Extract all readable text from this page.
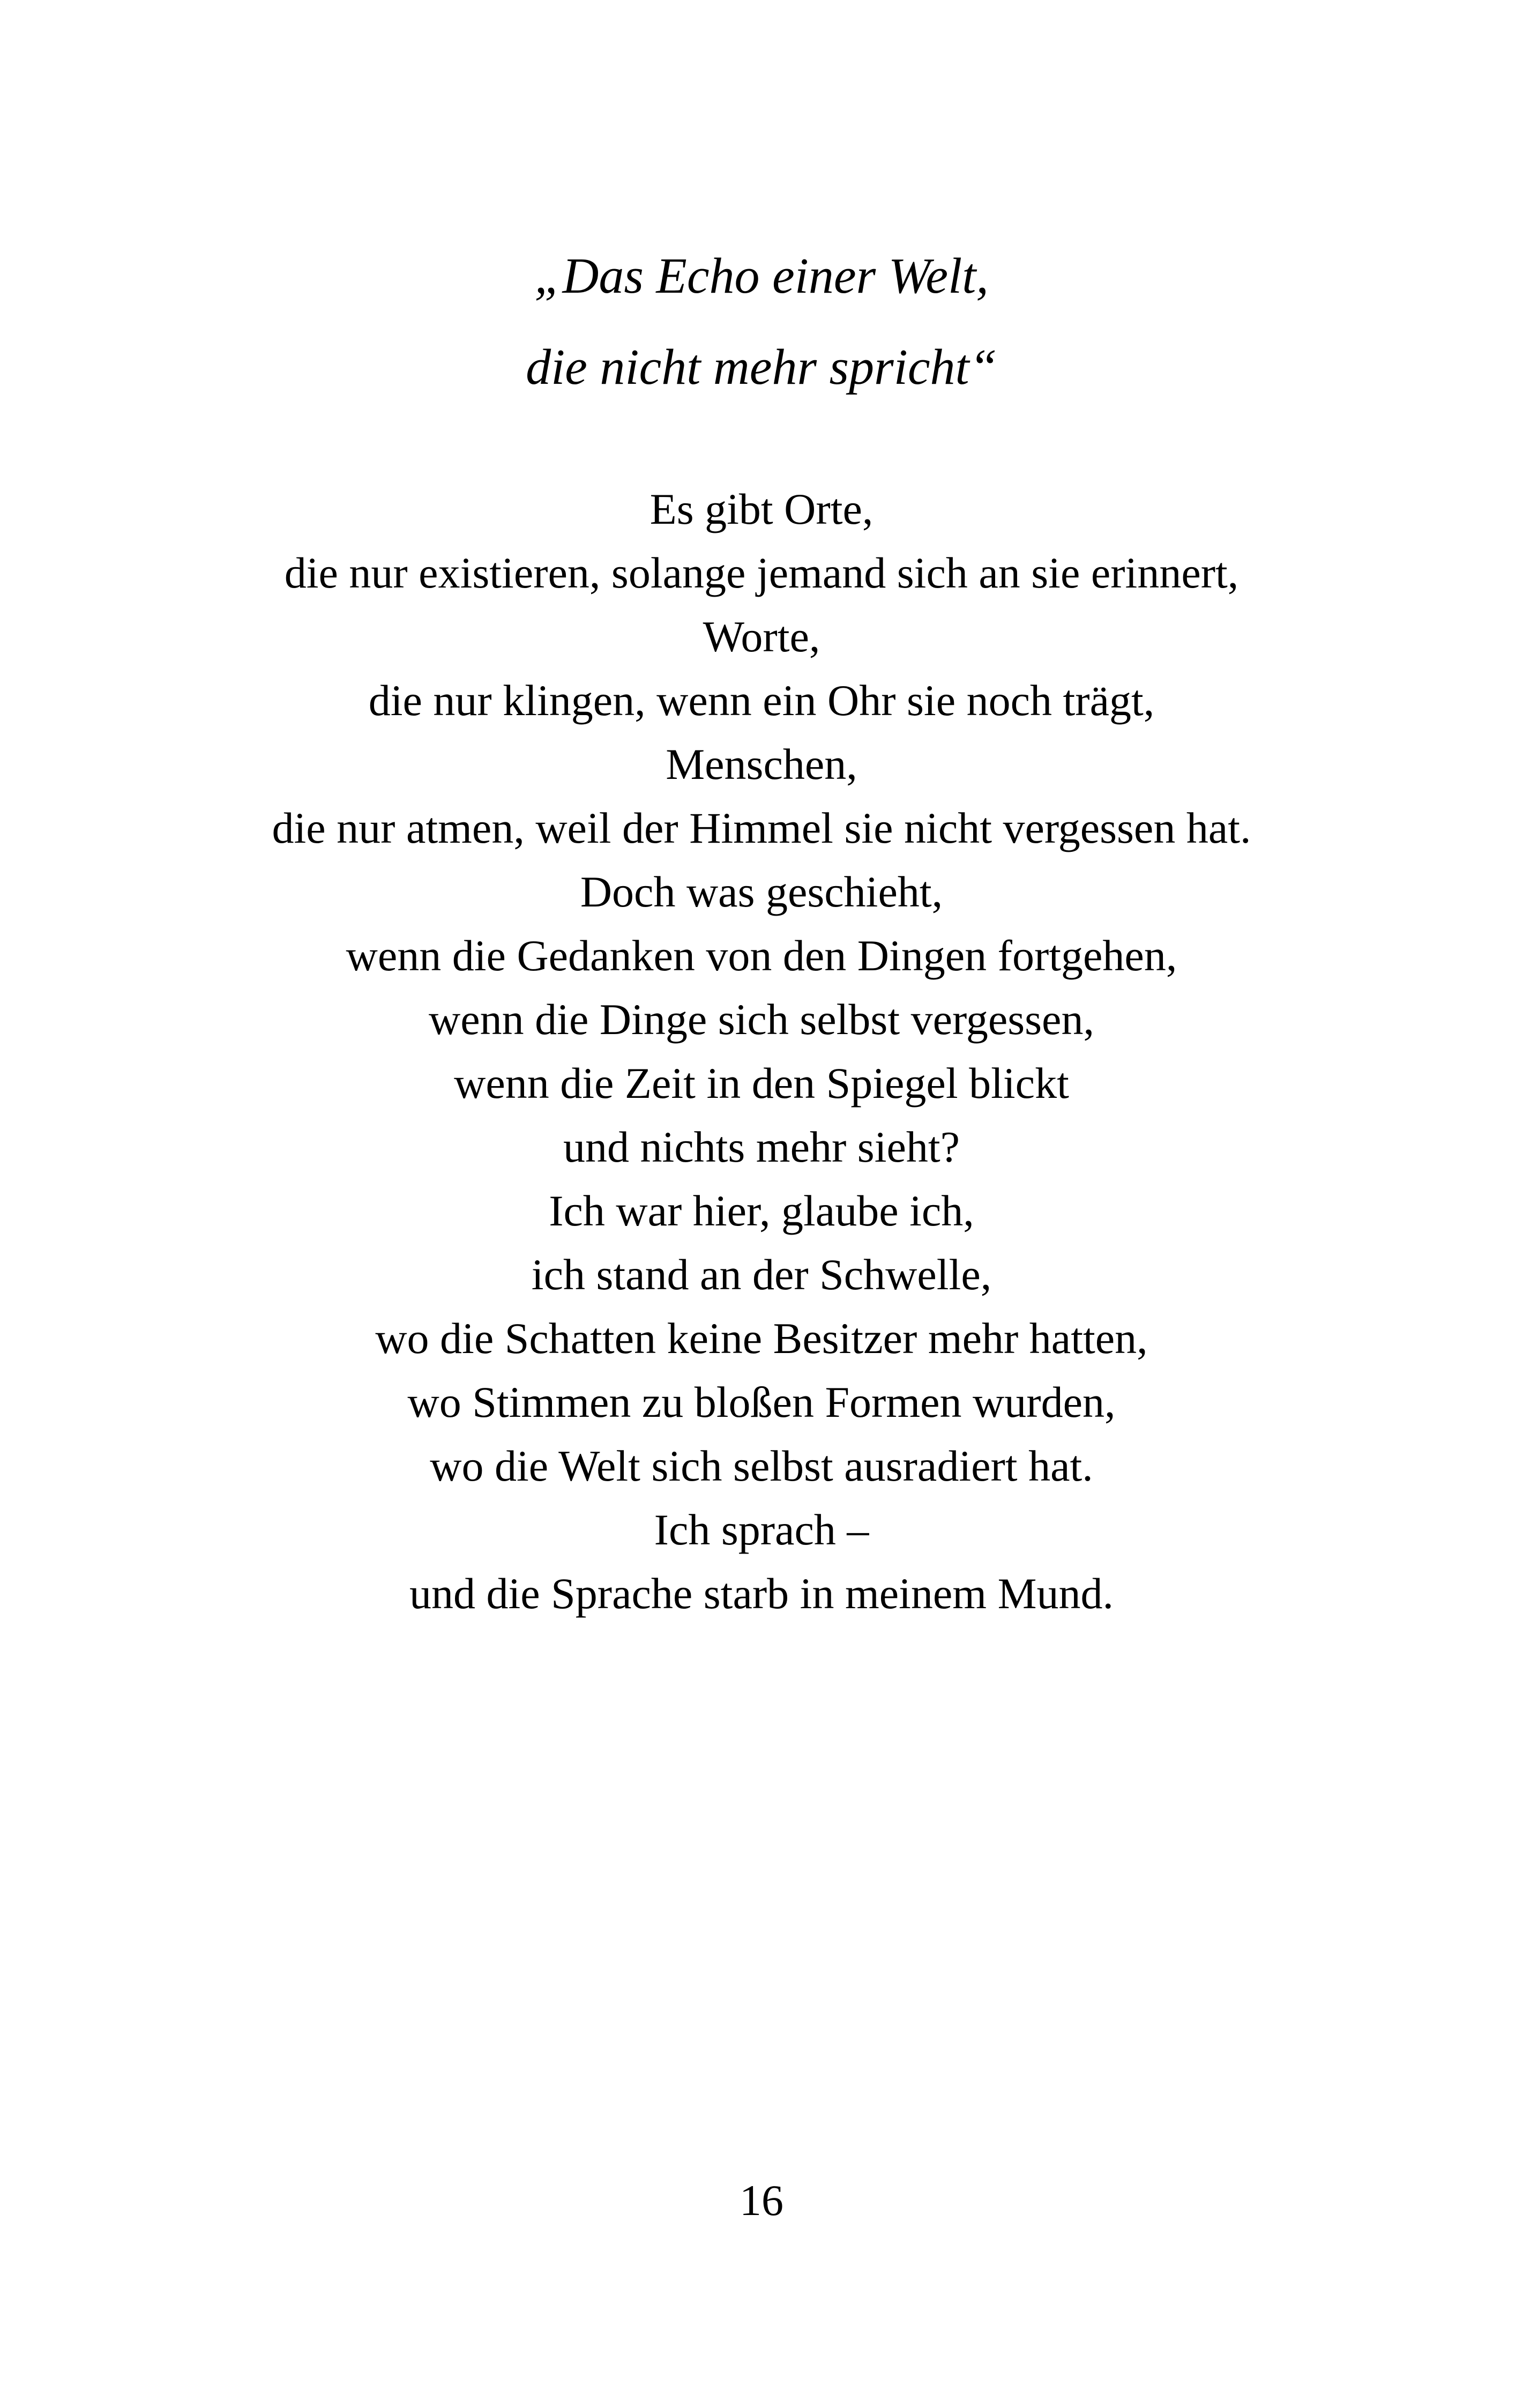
„Das Echo einer Welt,
die nicht mehr spricht“
Es gibt Orte,
die nur existieren, solange jemand sich an sie erinnert,
Worte,
die nur klingen, wenn ein Ohr sie noch trägt,
Menschen,
die nur atmen, weil der Himmel sie nicht vergessen hat.
Doch was geschieht,
wenn die Gedanken von den Dingen fortgehen,
wenn die Dinge sich selbst vergessen,
wenn die Zeit in den Spiegel blickt
und nichts mehr sieht?
Ich war hier, glaube ich,
ich stand an der Schwelle,
wo die Schatten keine Besitzer mehr hatten,
wo Stimmen zu bloßen Formen wurden,
wo die Welt sich selbst ausradiert hat.
Ich sprach –
und die Sprache starb in meinem Mund.
16
